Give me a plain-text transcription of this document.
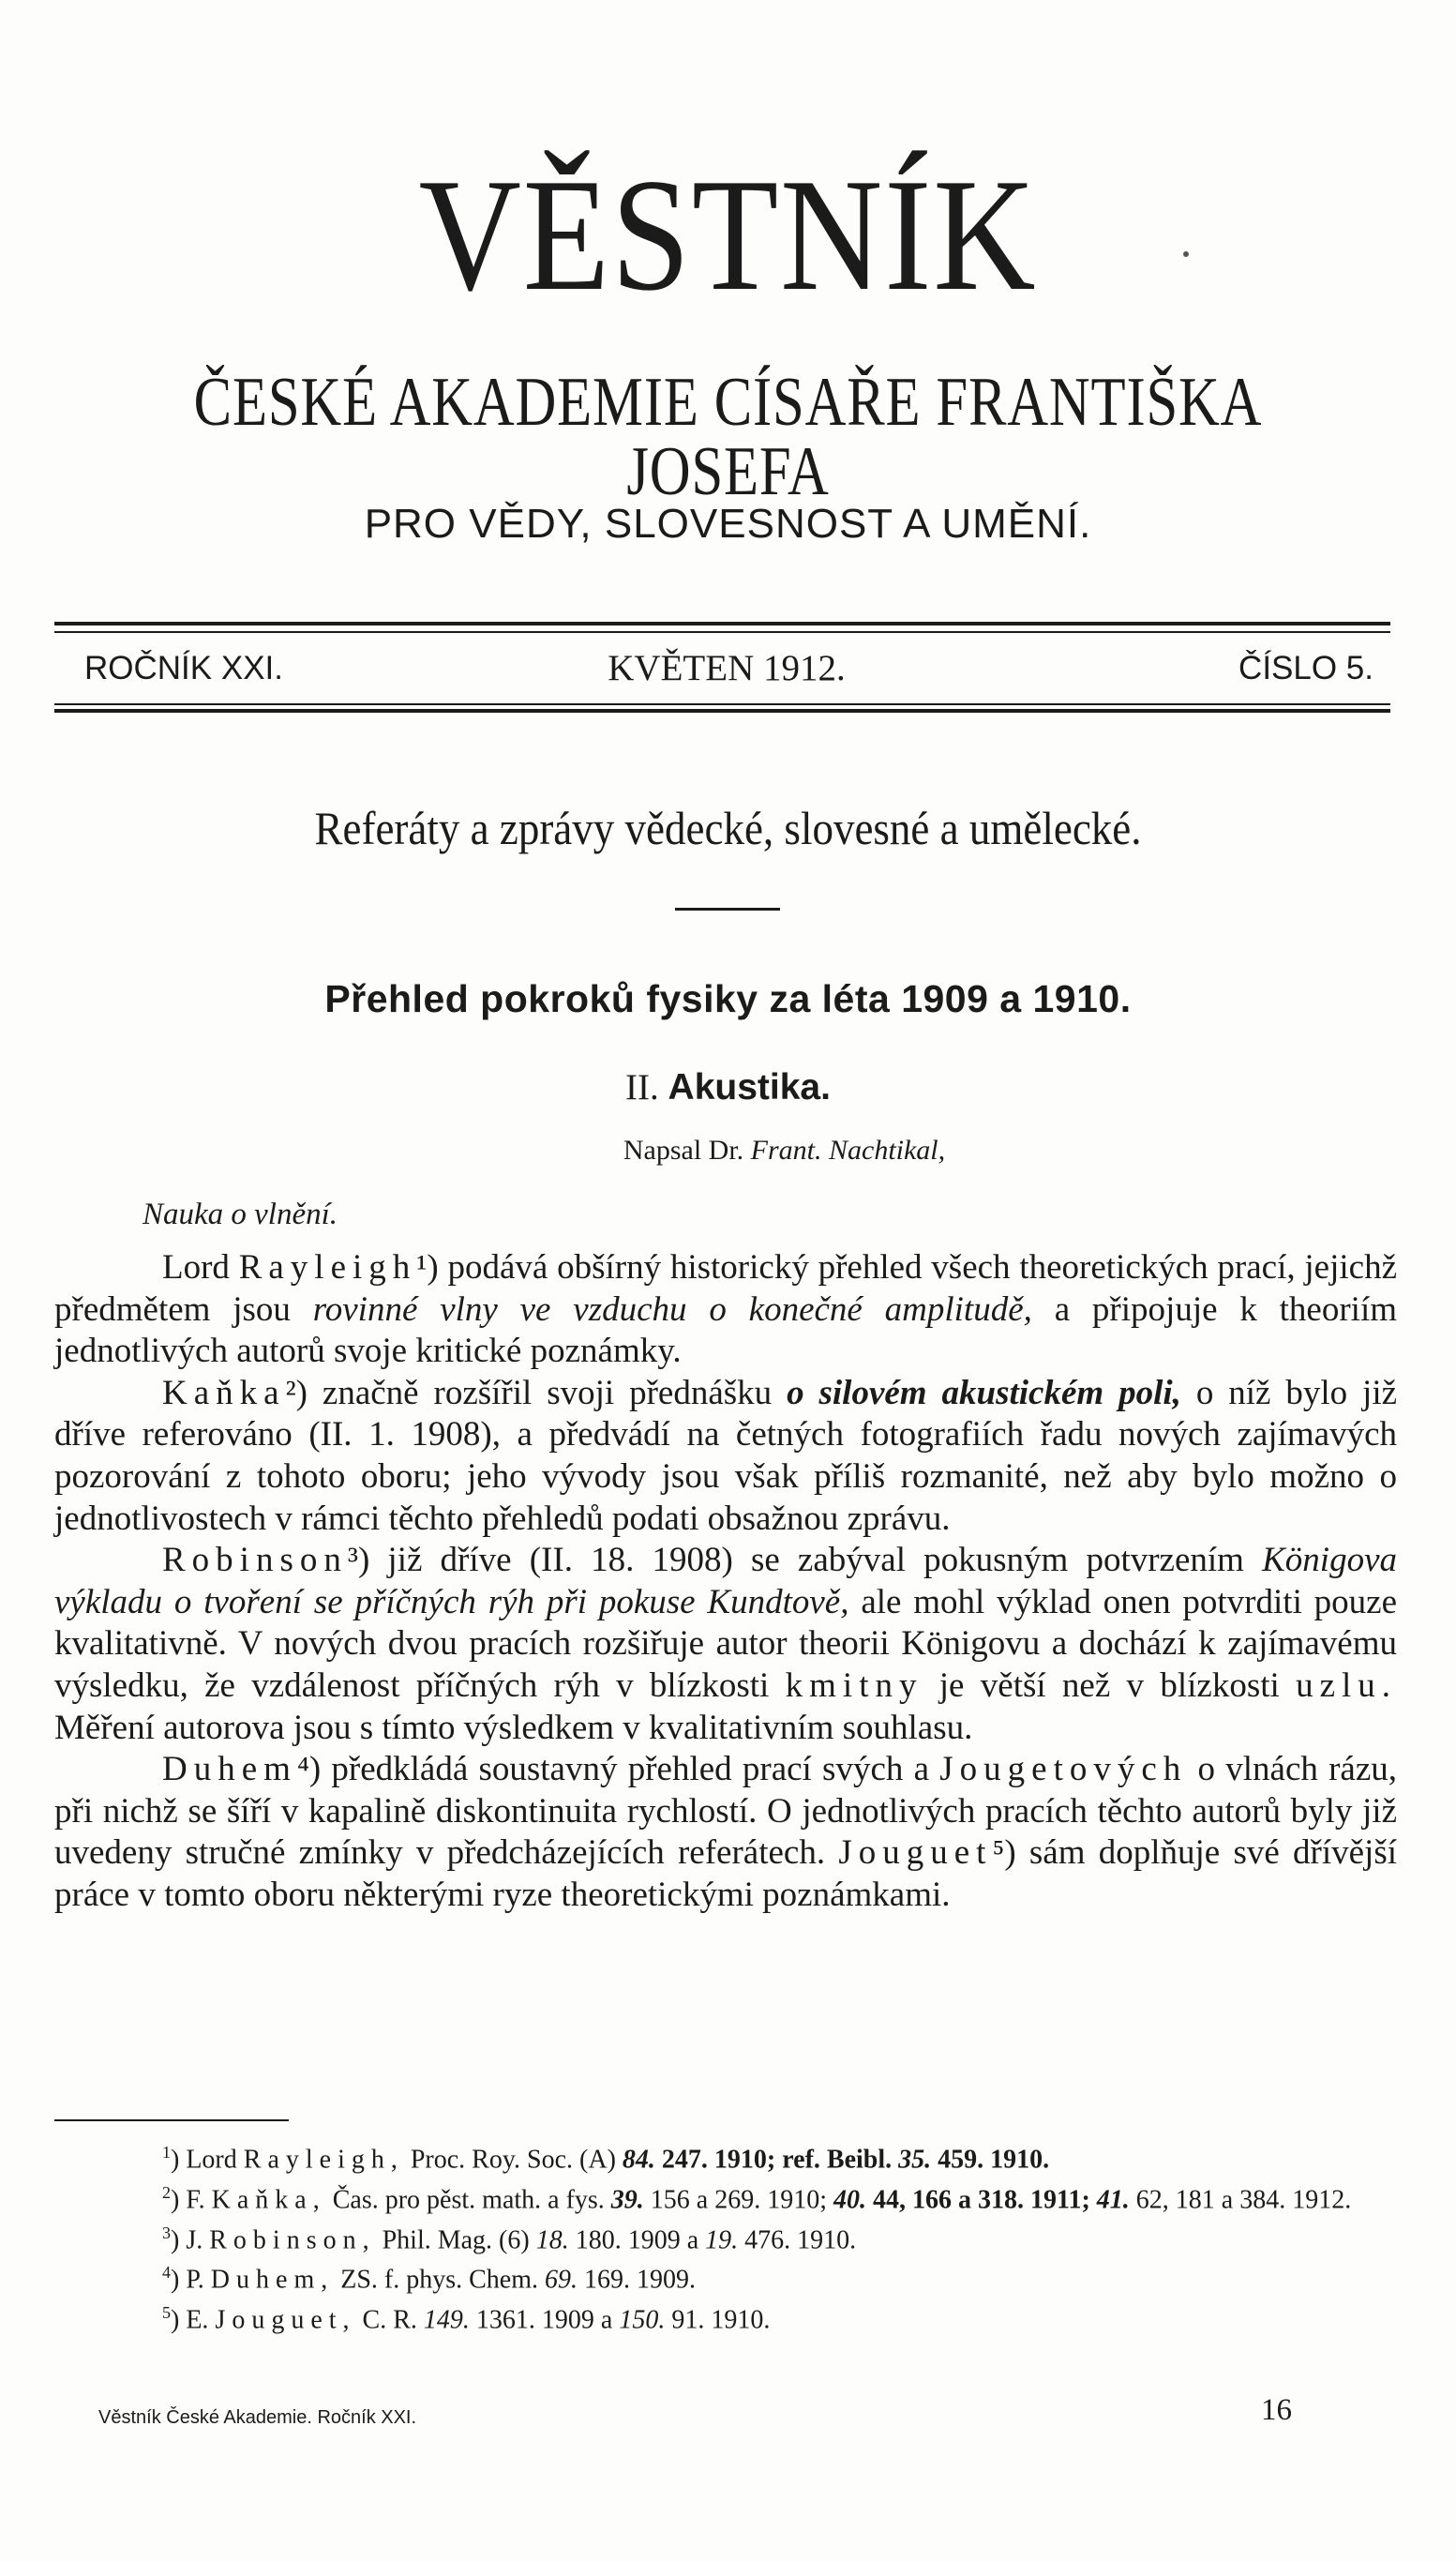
VĚSTNÍK
ČESKÉ AKADEMIE CÍSAŘE FRANTIŠKA JOSEFA
PRO VĚDY, SLOVESNOST A UMĚNÍ.
ROČNÍK XXI.	KVĚTEN 1912.	ČÍSLO 5.
Referáty a zprávy vědecké, slovesné a umělecké.
Přehled pokroků fysiky za léta 1909 a 1910.
II. Akustika.
Napsal Dr. Frant. Nachtikal,
Nauka o vlnění.

Lord Rayleigh¹) podává obšírný historický přehled všech theoretických prací, jejichž předmětem jsou rovinné vlny ve vzduchu o konečné amplitudě, a připojuje k theoriím jednotlivých autorů svoje kritické poznámky.

Kaňka²) značně rozšířil svoji přednášku o silovém akustickém poli, o níž bylo již dříve referováno (II. 1. 1908), a předvádí na četných fotografiích řadu nových zajímavých pozorování z tohoto oboru; jeho vývody jsou však příliš rozmanité, než aby bylo možno o jednotlivostech v rámci těchto přehledů podati obsažnou zprávu.

Robinson³) již dříve (II. 18. 1908) se zabýval pokusným potvrzením Königova výkladu o tvoření se příčných rýh při pokuse Kundtově, ale mohl výklad onen potvrditi pouze kvalitativně. V nových dvou pracích rozšiřuje autor theorii Königovu a dochází k zajímavému výsledku, že vzdálenost příčných rýh v blízkosti kmitny je větší než v blízkosti uzlu. Měření autorova jsou s tímto výsledkem v kvalitativním souhlasu.

Duhem⁴) předkládá soustavný přehled prací svých a Jougetových o vlnách rázu, při nichž se šíří v kapalině diskontinuita rychlostí. O jednotlivých pracích těchto autorů byly již uvedeny stručné zmínky v předcházejících referátech. Jouguet⁵) sám doplňuje své dřívější práce v tomto oboru některými ryze theoretickými poznámkami.

$^1$) Lord Rayleigh, Proc. Roy. Soc. (A) 84. 247. 1910; ref. Beibl. 35. 459. 1910.

$^2$) F. Kaňka, Čas. pro pěst. math. a fys. 39. 156 a 269. 1910; 40. 44, 166 a 318. 1911; 41. 62, 181 a 384. 1912.

$^3$) J. Robinson, Phil. Mag. (6) 18. 180. 1909 a 19. 476. 1910.

$^4$) P. Duhem, ZS. f. phys. Chem. 69. 169. 1909.

$^5$) E. Jouguet, C. R. 149. 1361. 1909 a 150. 91. 1910.

Věstník České Akademie. Ročník XXI.	16
